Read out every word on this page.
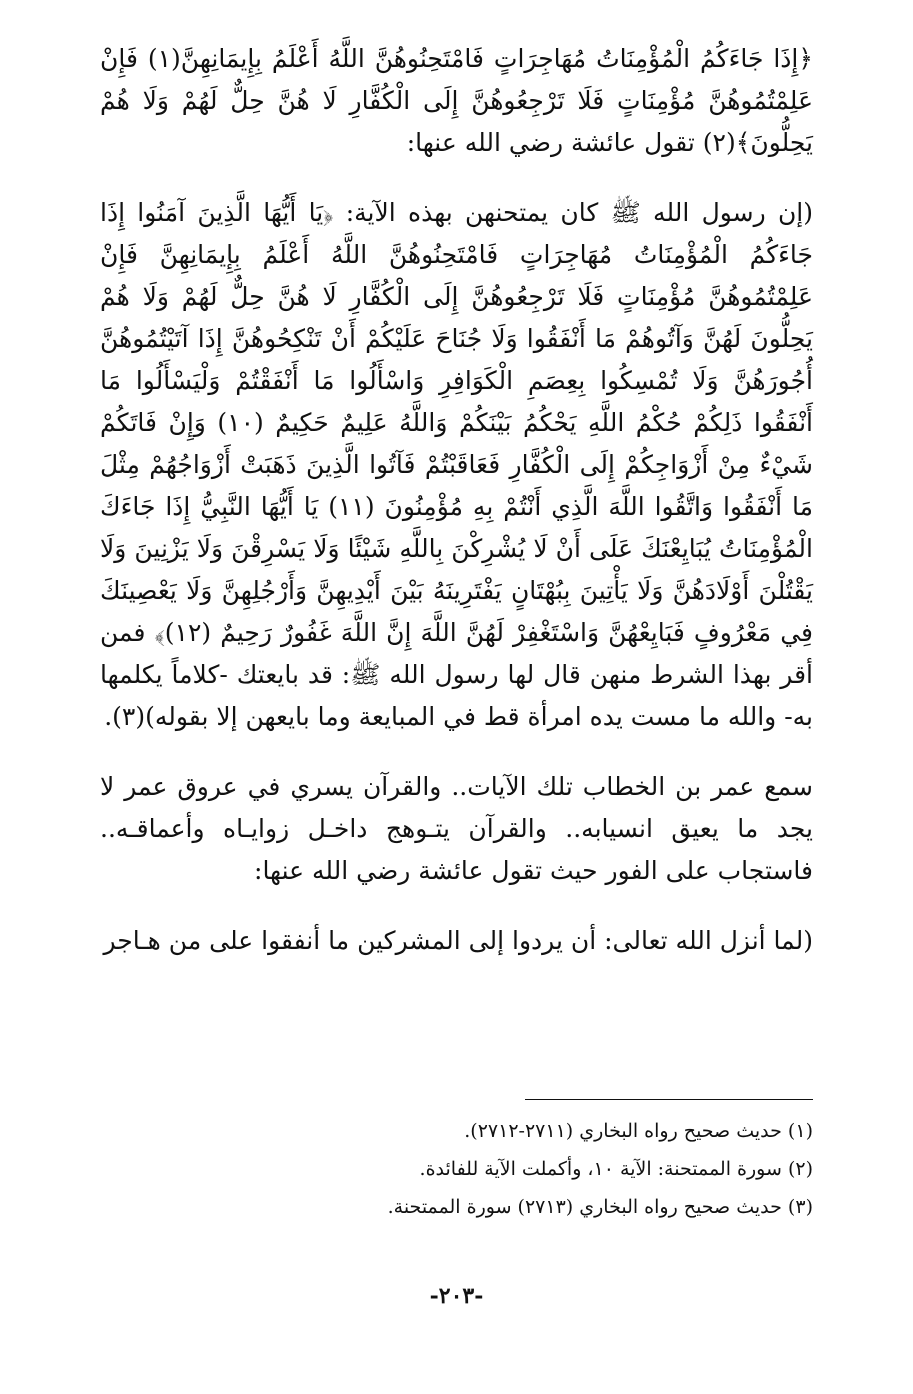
﴿إِذَا جَاءَكُمُ الْمُؤْمِنَاتُ مُهَاجِرَاتٍ فَامْتَحِنُوهُنَّ اللَّهُ أَعْلَمُ بِإِيمَانِهِنَّ(١) فَإِنْ عَلِمْتُمُوهُنَّ مُؤْمِنَاتٍ فَلَا تَرْجِعُوهُنَّ إِلَى الْكُفَّارِ لَا هُنَّ حِلٌّ لَهُمْ وَلَا هُمْ يَحِلُّونَ﴾(٢) تقول عائشة رضي الله عنها:

(إن رسول الله ﷺ كان يمتحنهن بهذه الآية: ﴿يَا أَيُّهَا الَّذِينَ آمَنُوا إِذَا جَاءَكُمُ الْمُؤْمِنَاتُ مُهَاجِرَاتٍ فَامْتَحِنُوهُنَّ اللَّهُ أَعْلَمُ بِإِيمَانِهِنَّ فَإِنْ عَلِمْتُمُوهُنَّ مُؤْمِنَاتٍ فَلَا تَرْجِعُوهُنَّ إِلَى الْكُفَّارِ لَا هُنَّ حِلٌّ لَهُمْ وَلَا هُمْ يَحِلُّونَ لَهُنَّ وَآتُوهُمْ مَا أَنْفَقُوا وَلَا جُنَاحَ عَلَيْكُمْ أَنْ تَنْكِحُوهُنَّ إِذَا آتَيْتُمُوهُنَّ أُجُورَهُنَّ وَلَا تُمْسِكُوا بِعِصَمِ الْكَوَافِرِ وَاسْأَلُوا مَا أَنْفَقْتُمْ وَلْيَسْأَلُوا مَا أَنْفَقُوا ذَلِكُمْ حُكْمُ اللَّهِ يَحْكُمُ بَيْنَكُمْ وَاللَّهُ عَلِيمٌ حَكِيمٌ (١٠) وَإِنْ فَاتَكُمْ شَيْءٌ مِنْ أَزْوَاجِكُمْ إِلَى الْكُفَّارِ فَعَاقَبْتُمْ فَآتُوا الَّذِينَ ذَهَبَتْ أَزْوَاجُهُمْ مِثْلَ مَا أَنْفَقُوا وَاتَّقُوا اللَّهَ الَّذِي أَنْتُمْ بِهِ مُؤْمِنُونَ (١١) يَا أَيُّهَا النَّبِيُّ إِذَا جَاءَكَ الْمُؤْمِنَاتُ يُبَايِعْنَكَ عَلَى أَنْ لَا يُشْرِكْنَ بِاللَّهِ شَيْئًا وَلَا يَسْرِقْنَ وَلَا يَزْنِينَ وَلَا يَقْتُلْنَ أَوْلَادَهُنَّ وَلَا يَأْتِينَ بِبُهْتَانٍ يَفْتَرِينَهُ بَيْنَ أَيْدِيهِنَّ وَأَرْجُلِهِنَّ وَلَا يَعْصِينَكَ فِي مَعْرُوفٍ فَبَايِعْهُنَّ وَاسْتَغْفِرْ لَهُنَّ اللَّهَ إِنَّ اللَّهَ غَفُورٌ رَحِيمٌ (١٢)﴾ فمن أقر بهذا الشرط منهن قال لها رسول الله ﷺ: قد بايعتك -كلاماً يكلمها به- والله ما مست يده امرأة قط في المبايعة وما بايعهن إلا بقوله)(٣).

سمع عمر بن الخطاب تلك الآيات.. والقرآن يسري في عروق عمر لا يجد ما يعيق انسيابه.. والقرآن يتـوهج داخـل زوايـاه وأعماقـه.. فاستجاب على الفور حيث تقول عائشة رضي الله عنها:

(لما أنزل الله تعالى: أن يردوا إلى المشركين ما أنفقوا على من هـاجر

(١) حديث صحيح رواه البخاري (٢٧١١-٢٧١٢).
(٢) سورة الممتحنة: الآية ١٠، وأكملت الآية للفائدة.
(٣) حديث صحيح رواه البخاري (٢٧١٣) سورة الممتحنة.
-٢٠٣-
